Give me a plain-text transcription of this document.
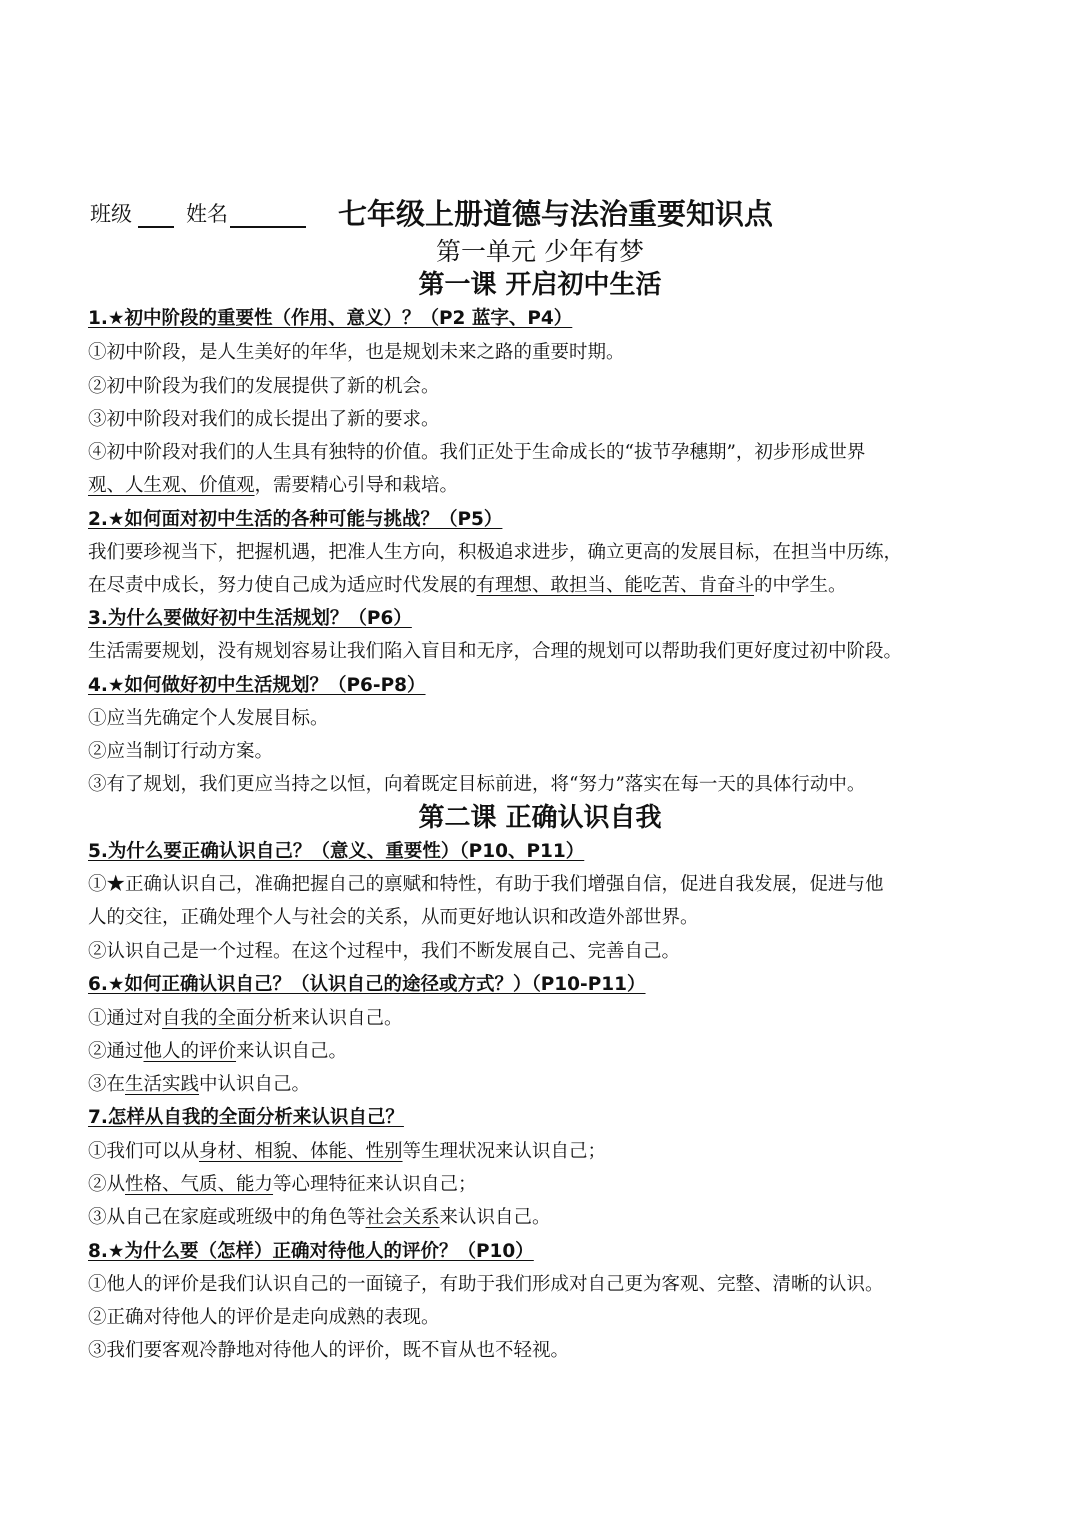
班级	姓名	七年级上册道德与法治重要知识点
第一单元 少年有梦
第一课 开启初中生活
1.★初中阶段的重要性（作用、意义）？（P2 蓝字、P4）
①初中阶段，是人生美好的年华，也是规划未来之路的重要时期。
②初中阶段为我们的发展提供了新的机会。
③初中阶段对我们的成长提出了新的要求。
④初中阶段对我们的人生具有独特的价值。我们正处于生命成长的“拔节孕穗期”，初步形成世界
观、人生观、价值观，需要精心引导和栽培。
2.★如何面对初中生活的各种可能与挑战？（P5）
我们要珍视当下，把握机遇，把准人生方向，积极追求进步，确立更高的发展目标，在担当中历练，
在尽责中成长，努力使自己成为适应时代发展的有理想、敢担当、能吃苦、肯奋斗的中学生。
3.为什么要做好初中生活规划？（P6）
生活需要规划，没有规划容易让我们陷入盲目和无序，合理的规划可以帮助我们更好度过初中阶段。
4.★如何做好初中生活规划？（P6-P8）
①应当先确定个人发展目标。
②应当制订行动方案。
③有了规划，我们更应当持之以恒，向着既定目标前进，将“努力”落实在每一天的具体行动中。
第二课 正确认识自我
5.为什么要正确认识自己？（意义、重要性）（P10、P11）
①★正确认识自己，准确把握自己的禀赋和特性，有助于我们增强自信，促进自我发展，促进与他
人的交往，正确处理个人与社会的关系，从而更好地认识和改造外部世界。
②认识自己是一个过程。在这个过程中，我们不断发展自己、完善自己。
6.★如何正确认识自己？（认识自己的途径或方式？）（P10-P11）
①通过对自我的全面分析来认识自己。
②通过他人的评价来认识自己。
③在生活实践中认识自己。
7.怎样从自我的全面分析来认识自己？
①我们可以从身材、相貌、体能、性别等生理状况来认识自己；
②从性格、气质、能力等心理特征来认识自己；
③从自己在家庭或班级中的角色等社会关系来认识自己。
8.★为什么要（怎样）正确对待他人的评价？（P10）
①他人的评价是我们认识自己的一面镜子，有助于我们形成对自己更为客观、完整、清晰的认识。
②正确对待他人的评价是走向成熟的表现。
③我们要客观冷静地对待他人的评价，既不盲从也不轻视。
